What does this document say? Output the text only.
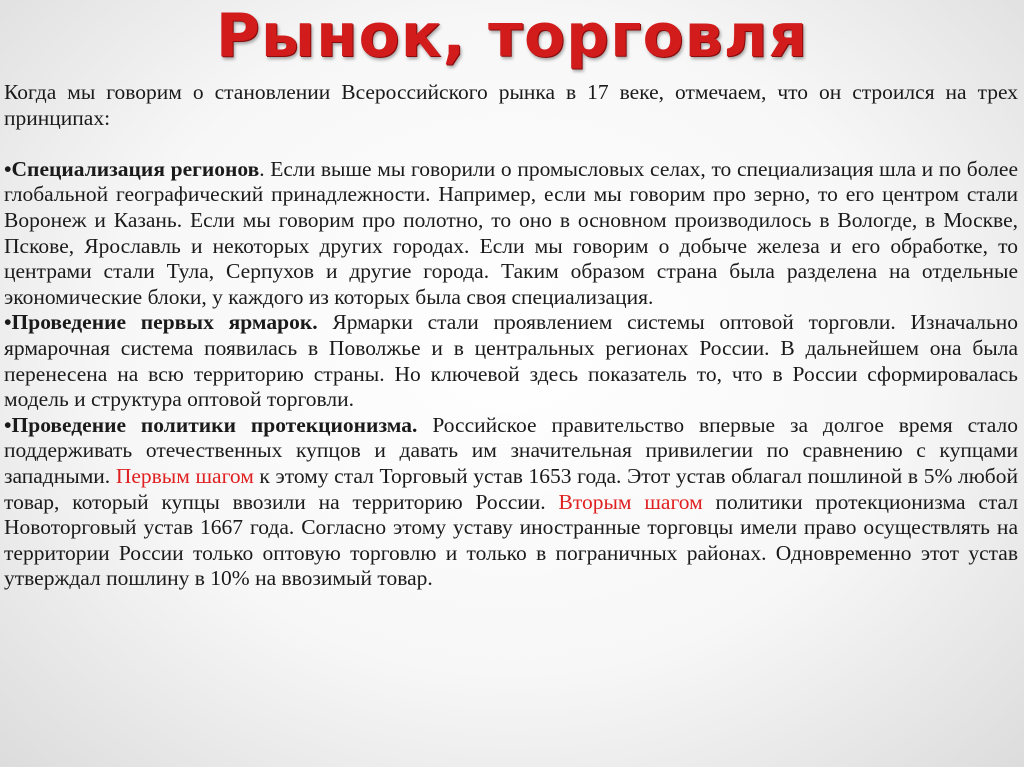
Рынок, торговля

Когда мы говорим о становлении Всероссийского рынка в 17 веке, отмечаем, что он строился на трех принципах:

•Специализация регионов. Если выше мы говорили о промысловых селах, то специализация шла и по более глобальной географический принадлежности. Например, если мы говорим про зерно, то его центром стали Воронеж и Казань. Если мы говорим про полотно, то оно в основном производилось в Вологде, в Москве, Пскове, Ярославль и некоторых других городах. Если мы говорим о добыче железа и его обработке, то центрами стали Тула, Серпухов и другие города. Таким образом страна была разделена на отдельные экономические блоки, у каждого из которых была своя специализация.

•Проведение первых ярмарок. Ярмарки стали проявлением системы оптовой торговли. Изначально ярмарочная система появилась в Поволжье и в центральных регионах России. В дальнейшем она была перенесена на всю территорию страны. Но ключевой здесь показатель то, что в России сформировалась модель и структура оптовой торговли.

•Проведение политики протекционизма. Российское правительство впервые за долгое время стало поддерживать отечественных купцов и давать им значительная привилегии по сравнению с купцами западными. Первым шагом к этому стал Торговый устав 1653 года. Этот устав облагал пошлиной в 5% любой товар, который купцы ввозили на территорию России. Вторым шагом политики протекционизма стал Новоторговый устав 1667 года. Согласно этому уставу иностранные торговцы имели право осуществлять на территории России только оптовую торговлю и только в пограничных районах. Одновременно этот устав утверждал пошлину в 10% на ввозимый товар.
